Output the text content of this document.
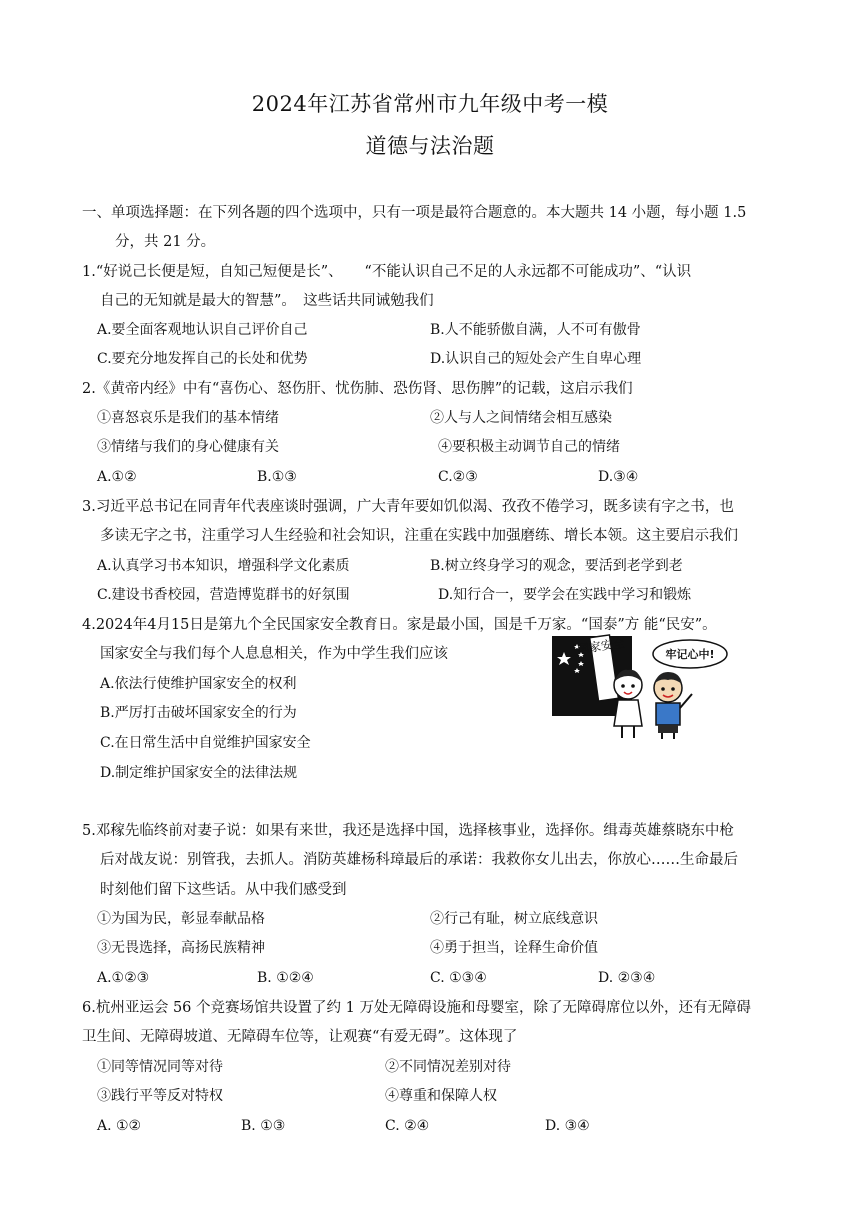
2024年江苏省常州市九年级中考一模
道德与法治题
一、单项选择题：在下列各题的四个选项中，只有一项是最符合题意的。本大题共 14 小题，每小题 1.5
分，共 21 分。
1.“好说己长便是短，自知己短便是长”、　　“不能认识自己不足的人永远都不可能成功”、“认识
自己的无知就是最大的智慧”。　这些话共同诫勉我们
A.要全面客观地认识自己评价自己	B.人不能骄傲自满，人不可有傲骨
C.要充分地发挥自己的长处和优势	D.认识自己的短处会产生自卑心理
2.《黄帝内经》中有“喜伤心、怒伤肝、忧伤肺、恐伤肾、思伤脾”的记载，这启示我们
①喜怒哀乐是我们的基本情绪	②人与人之间情绪会相互感染
③情绪与我们的身心健康有关	④要积极主动调节自己的情绪
A.①②	B.①③	C.②③	D.③④
3.习近平总书记在同青年代表座谈时强调，广大青年要如饥似渴、孜孜不倦学习，既多读有字之书，也
多读无字之书，注重学习人生经验和社会知识，注重在实践中加强磨练、增长本领。这主要启示我们
A.认真学习书本知识，增强科学文化素质	B.树立终身学习的观念，要活到老学到老
C.建设书香校园，营造博览群书的好氛围	D.知行合一，要学会在实践中学习和锻炼
4.2024年4月15日是第九个全民国家安全教育日。家是最小国，国是千万家。“国泰”方 能“民安”。
国家安全与我们每个人息息相关，作为中学生我们应该
A.依法行使维护国家安全的权利
B.严厉打击破坏国家安全的行为
C.在日常生活中自觉维护国家安全
D.制定维护国家安全的法律法规
国家安全	牢记心中!
5.邓稼先临终前对妻子说：如果有来世，我还是选择中国，选择核事业，选择你。缉毒英雄蔡晓东中枪
后对战友说：别管我，去抓人。消防英雄杨科璋最后的承诺：我救你女儿出去，你放心……生命最后
时刻他们留下这些话。从中我们感受到
①为国为民，彰显奉献品格	②行己有耻，树立底线意识
③无畏选择，高扬民族精神	④勇于担当，诠释生命价值
A.①②③	B. ①②④	C. ①③④	D. ②③④
6.杭州亚运会 56 个竞赛场馆共设置了约 1 万处无障碍设施和母婴室，除了无障碍席位以外，还有无障碍
卫生间、无障碍坡道、无障碍车位等，让观赛“有爱无碍”。这体现了
①同等情况同等对待	②不同情况差别对待
③践行平等反对特权	④尊重和保障人权
A. ①②	B. ①③	C. ②④	D. ③④
